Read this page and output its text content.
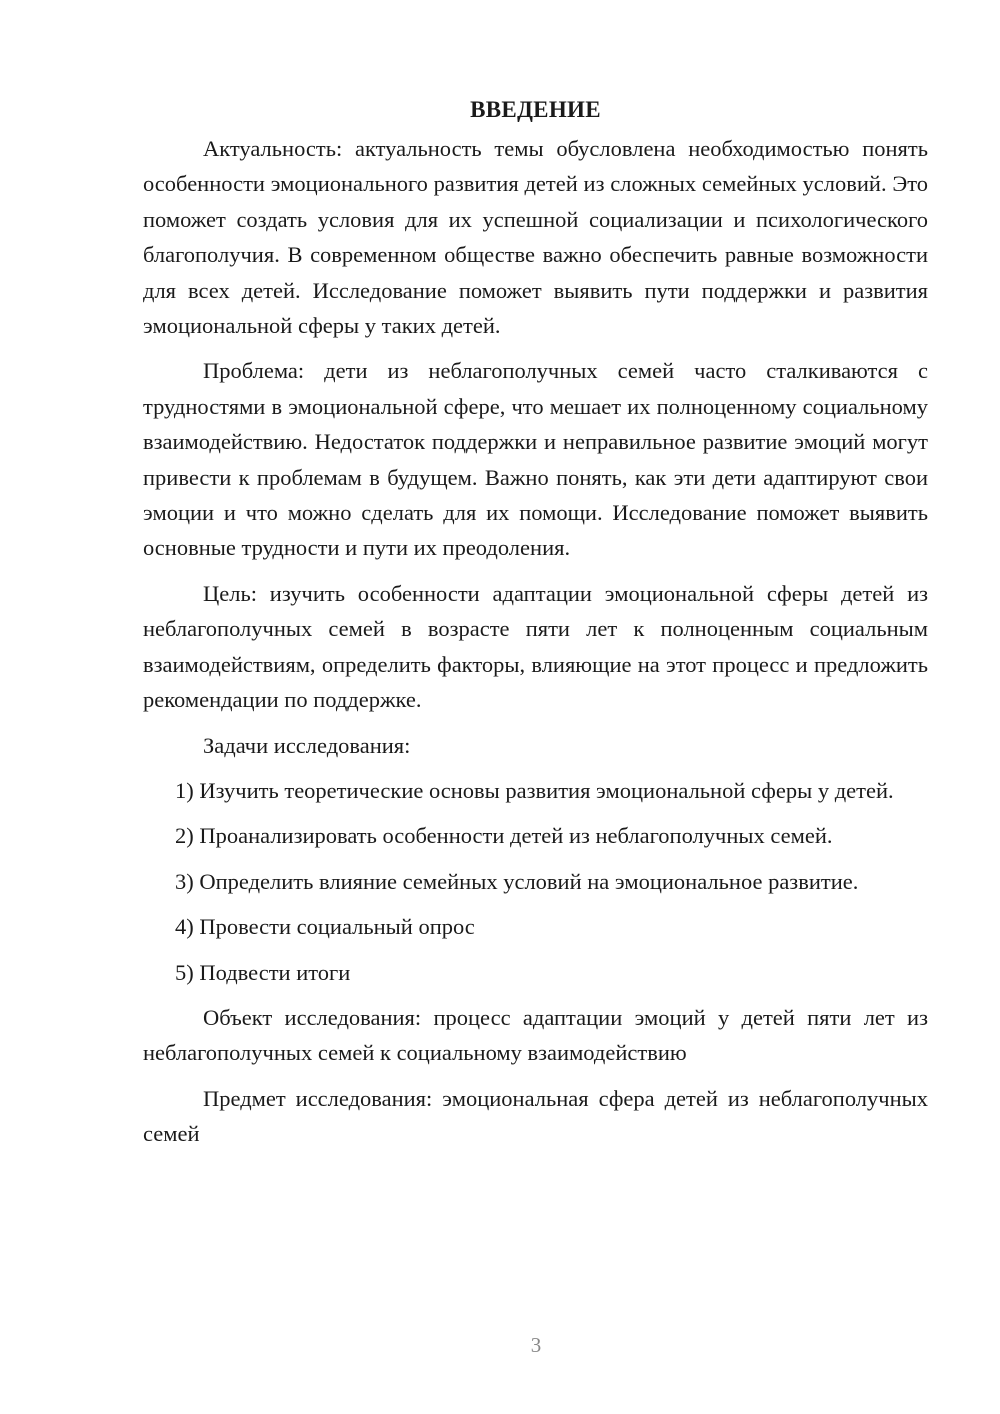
ВВЕДЕНИЕ

Актуальность: актуальность темы обусловлена необходимостью понять особенности эмоционального развития детей из сложных семейных условий. Это поможет создать условия для их успешной социализации и психологического благополучия. В современном обществе важно обеспечить равные возможности для всех детей. Исследование поможет выявить пути поддержки и развития эмоциональной сферы у таких детей.

Проблема: дети из неблагополучных семей часто сталкиваются с трудностями в эмоциональной сфере, что мешает их полноценному социальному взаимодействию. Недостаток поддержки и неправильное развитие эмоций могут привести к проблемам в будущем. Важно понять, как эти дети адаптируют свои эмоции и что можно сделать для их помощи. Исследование поможет выявить основные трудности и пути их преодоления.

Цель: изучить особенности адаптации эмоциональной сферы детей из неблагополучных семей в возрасте пяти лет к полноценным социальным взаимодействиям, определить факторы, влияющие на этот процесс и предложить рекомендации по поддержке.

Задачи исследования:

1) Изучить теоретические основы развития эмоциональной сферы у детей.

2) Проанализировать особенности детей из неблагополучных семей.

3) Определить влияние семейных условий на эмоциональное развитие.

4) Провести социальный опрос

5) Подвести итоги

Объект исследования: процесс адаптации эмоций у детей пяти лет из неблагополучных семей к социальному взаимодействию

Предмет исследования: эмоциональная сфера детей из неблагополучных семей

3
